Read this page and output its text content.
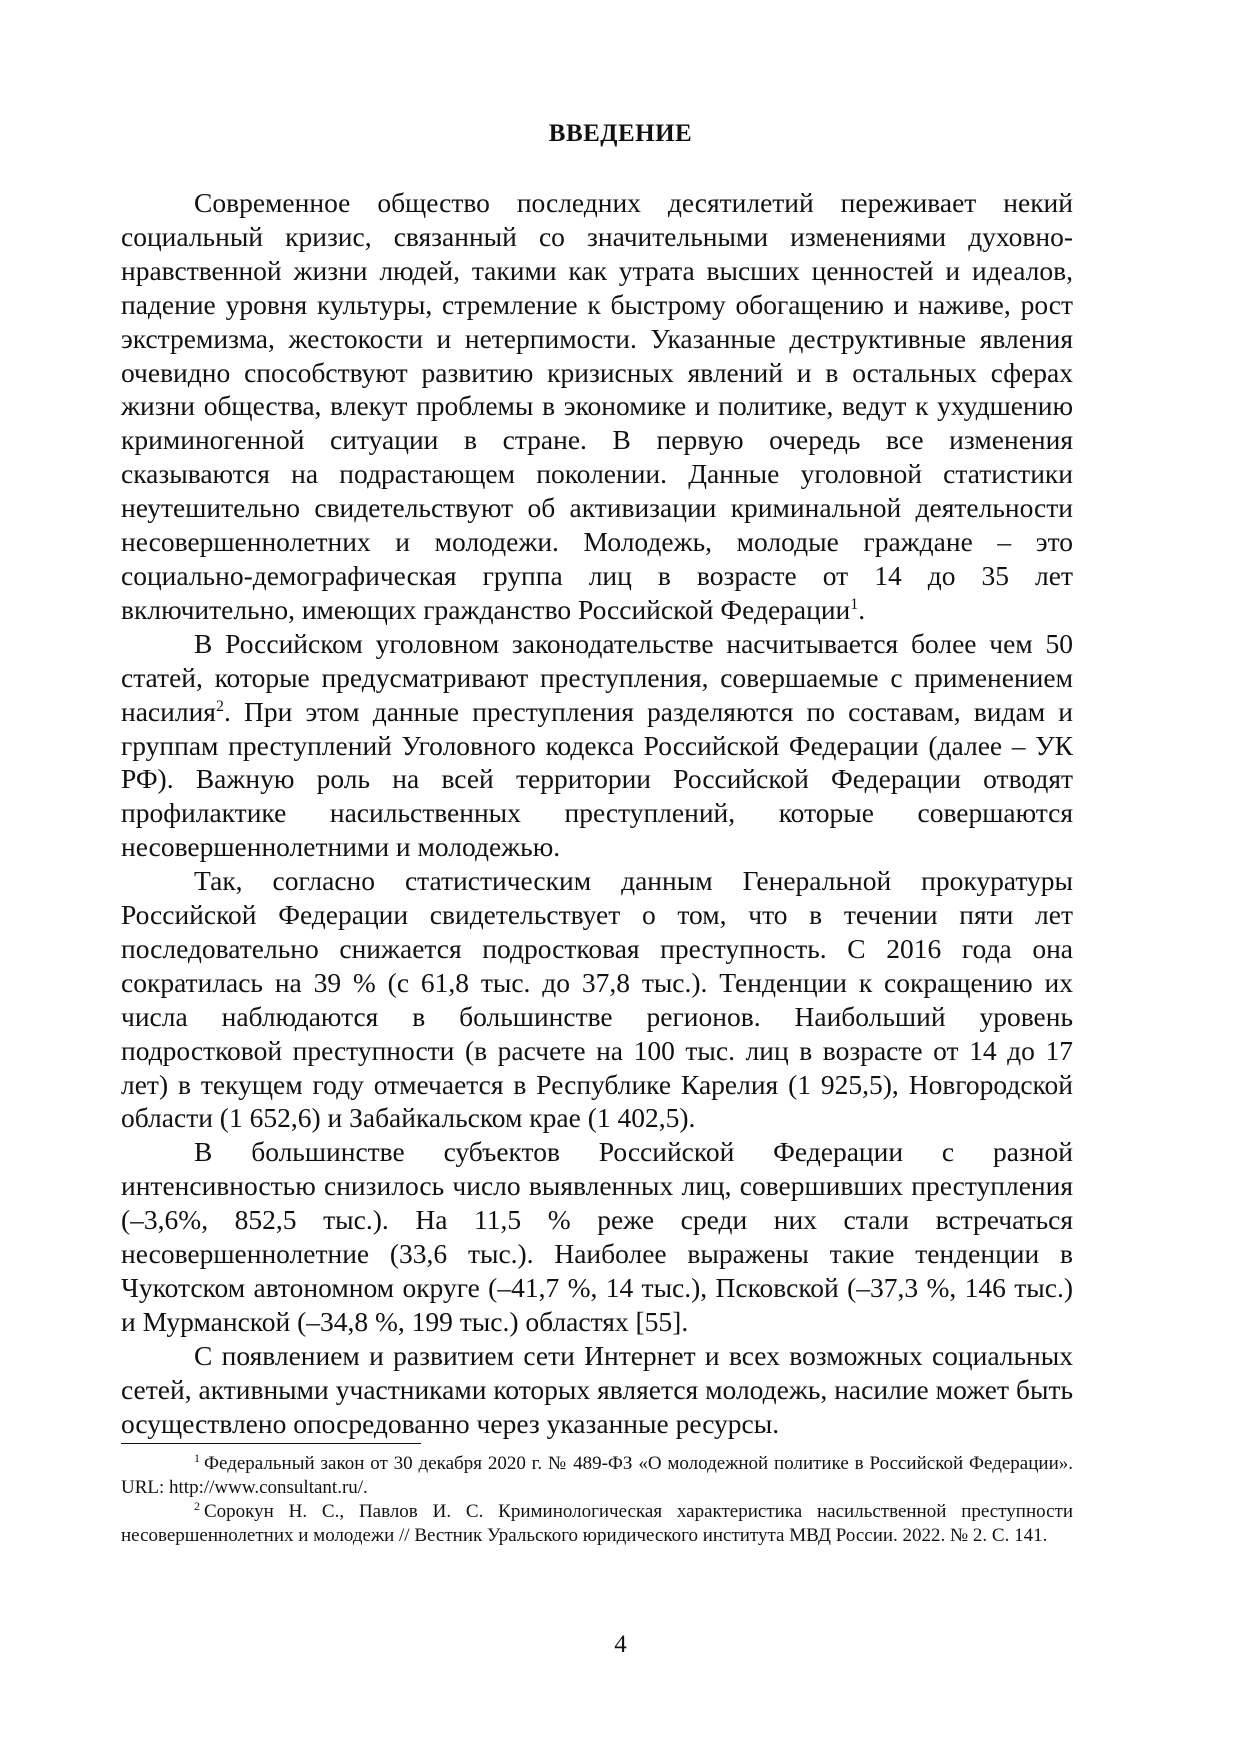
ВВЕДЕНИЕ

Современное общество последних десятилетий переживает некий социальный кризис, связанный со значительными изменениями духовно-нравственной жизни людей, такими как утрата высших ценностей и идеалов, падение уровня культуры, стремление к быстрому обогащению и наживе, рост экстремизма, жестокости и нетерпимости. Указанные деструктивные явления очевидно способствуют развитию кризисных явлений и в остальных сферах жизни общества, влекут проблемы в экономике и политике, ведут к ухудшению криминогенной ситуации в стране. В первую очередь все изменения сказываются на подрастающем поколении. Данные уголовной статистики неутешительно свидетельствуют об активизации криминальной деятельности несовершеннолетних и молодежи. Молодежь, молодые граждане – это социально-демографическая группа лиц в возрасте от 14 до 35 лет включительно, имеющих гражданство Российской Федерации$^1$.

В Российском уголовном законодательстве насчитывается более чем 50 статей, которые предусматривают преступления, совершаемые с применением насилия$^2$. При этом данные преступления разделяются по составам, видам и группам преступлений Уголовного кодекса Российской Федерации (далее – УК РФ). Важную роль на всей территории Российской Федерации отводят профилактике насильственных преступлений, которые совершаются несовершеннолетними и молодежью.

Так, согласно статистическим данным Генеральной прокуратуры Российской Федерации свидетельствует о том, что в течении пяти лет последовательно снижается подростковая преступность. С 2016 года она сократилась на 39 % (с 61,8 тыс. до 37,8 тыс.). Тенденции к сокращению их числа наблюдаются в большинстве регионов. Наибольший уровень подростковой преступности (в расчете на 100 тыс. лиц в возрасте от 14 до 17 лет) в текущем году отмечается в Республике Карелия (1 925,5), Новгородской области (1 652,6) и Забайкальском крае (1 402,5).

В большинстве субъектов Российской Федерации с разной интенсивностью снизилось число выявленных лиц, совершивших преступления (–3,6%, 852,5 тыс.). На 11,5 % реже среди них стали встречаться несовершеннолетние (33,6 тыс.). Наиболее выражены такие тенденции в Чукотском автономном округе (–41,7 %, 14 тыс.), Псковской (–37,3 %, 146 тыс.) и Мурманской (–34,8 %, 199 тыс.) областях [55].

С появлением и развитием сети Интернет и всех возможных социальных сетей, активными участниками которых является молодежь, насилие может быть осуществлено опосредованно через указанные ресурсы.

$^1$ Федеральный закон от 30 декабря 2020 г. № 489-ФЗ «О молодежной политике в Российской Федерации». URL: http://www.consultant.ru/.

$^2$ Сорокун Н. С., Павлов И. С. Криминологическая характеристика насильственной преступности несовершеннолетних и молодежи // Вестник Уральского юридического института МВД России. 2022. № 2. С. 141.

4
